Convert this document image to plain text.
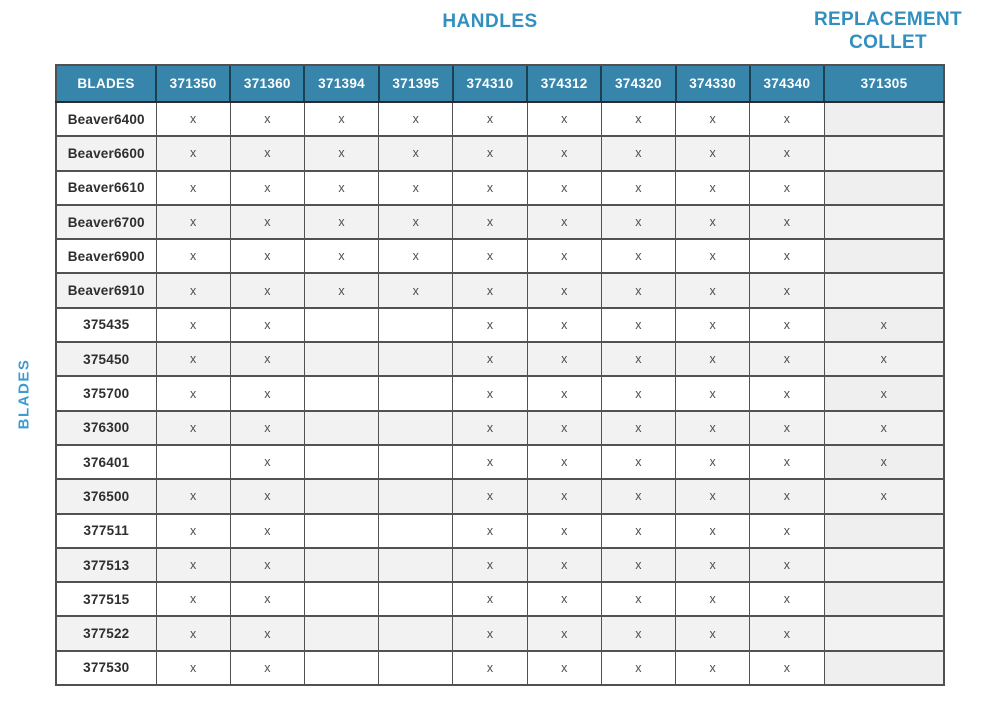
HANDLES	REPLACEMENT
COLLET
BLADES
BLADES	371350	371360	371394	371395	374310	374312	374320	374330	374340	371305
Beaver6400	x	x	x	x	x	x	x	x	x	
Beaver6600	x	x	x	x	x	x	x	x	x	
Beaver6610	x	x	x	x	x	x	x	x	x	
Beaver6700	x	x	x	x	x	x	x	x	x	
Beaver6900	x	x	x	x	x	x	x	x	x	
Beaver6910	x	x	x	x	x	x	x	x	x	
375435	x	x			x	x	x	x	x	x
375450	x	x			x	x	x	x	x	x
375700	x	x			x	x	x	x	x	x
376300	x	x			x	x	x	x	x	x
376401		x			x	x	x	x	x	x
376500	x	x			x	x	x	x	x	x
377511	x	x			x	x	x	x	x	
377513	x	x			x	x	x	x	x	
377515	x	x			x	x	x	x	x	
377522	x	x			x	x	x	x	x	
377530	x	x			x	x	x	x	x	
